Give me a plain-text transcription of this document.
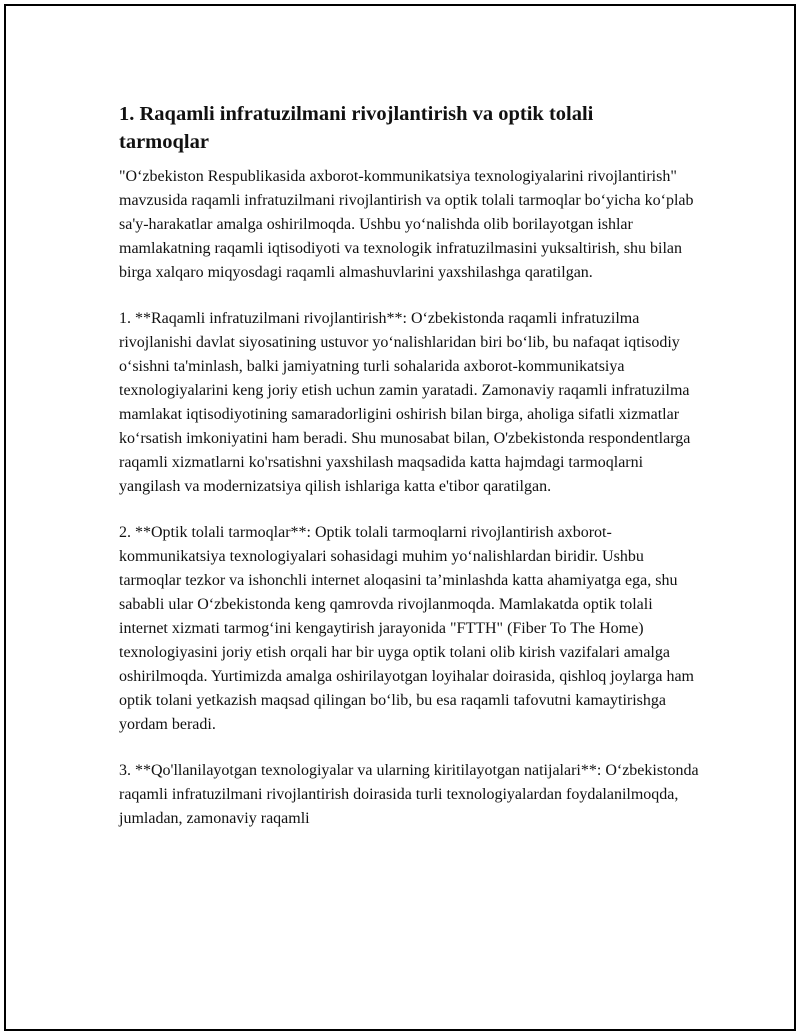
1. Raqamli infratuzilmani rivojlantirish va optik tolali tarmoqlar

"O‘zbekiston Respublikasida axborot-kommunikatsiya texnologiyalarini rivojlantirish" mavzusida raqamli infratuzilmani rivojlantirish va optik tolali tarmoqlar bo‘yicha ko‘plab sa'y-harakatlar amalga oshirilmoqda. Ushbu yo‘nalishda olib borilayotgan ishlar mamlakatning raqamli iqtisodiyoti va texnologik infratuzilmasini yuksaltirish, shu bilan birga xalqaro miqyosdagi raqamli almashuvlarini yaxshilashga qaratilgan.

1. **Raqamli infratuzilmani rivojlantirish**: O‘zbekistonda raqamli infratuzilma rivojlanishi davlat siyosatining ustuvor yo‘nalishlaridan biri bo‘lib, bu nafaqat iqtisodiy o‘sishni ta'minlash, balki jamiyatning turli sohalarida axborot-kommunikatsiya texnologiyalarini keng joriy etish uchun zamin yaratadi. Zamonaviy raqamli infratuzilma mamlakat iqtisodiyotining samaradorligini oshirish bilan birga, aholiga sifatli xizmatlar ko‘rsatish imkoniyatini ham beradi. Shu munosabat bilan, O'zbekistonda respondentlarga raqamli xizmatlarni ko'rsatishni yaxshilash maqsadida katta hajmdagi tarmoqlarni yangilash va modernizatsiya qilish ishlariga katta e'tibor qaratilgan.

2. **Optik tolali tarmoqlar**: Optik tolali tarmoqlarni rivojlantirish axborot-kommunikatsiya texnologiyalari sohasidagi muhim yo‘nalishlardan biridir. Ushbu tarmoqlar tezkor va ishonchli internet aloqasini ta’minlashda katta ahamiyatga ega, shu sababli ular O‘zbekistonda keng qamrovda rivojlanmoqda. Mamlakatda optik tolali internet xizmati tarmog‘ini kengaytirish jarayonida "FTTH" (Fiber To The Home) texnologiyasini joriy etish orqali har bir uyga optik tolani olib kirish vazifalari amalga oshirilmoqda. Yurtimizda amalga oshirilayotgan loyihalar doirasida, qishloq joylarga ham optik tolani yetkazish maqsad qilingan bo‘lib, bu esa raqamli tafovutni kamaytirishga yordam beradi.

3. **Qo'llanilayotgan texnologiyalar va ularning kiritilayotgan natijalari**: O‘zbekistonda raqamli infratuzilmani rivojlantirish doirasida turli texnologiyalardan foydalanilmoqda, jumladan, zamonaviy raqamli
